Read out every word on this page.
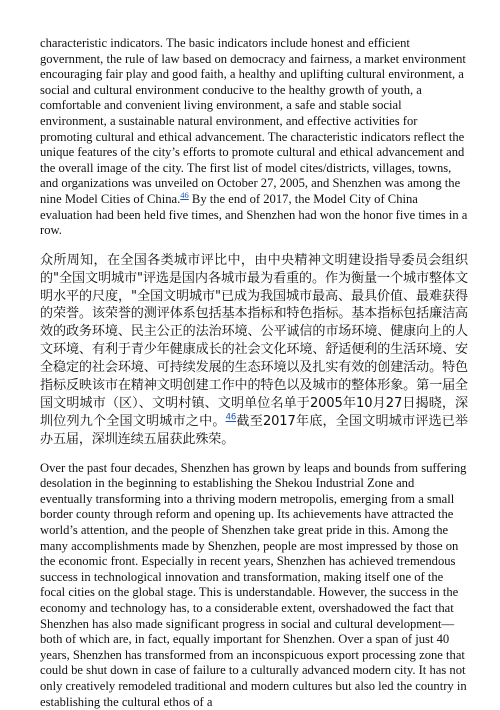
characteristic indicators. The basic indicators include honest and efficient government, the rule of law based on democracy and fairness, a market environment encouraging fair play and good faith, a healthy and uplifting cultural environment, a social and cultural environment conducive to the healthy growth of youth, a comfortable and convenient living environment, a safe and stable social environment, a sustainable natural environment, and effective activities for promoting cultural and ethical advancement. The characteristic indicators reflect the unique features of the city’s efforts to promote cultural and ethical advancement and the overall image of the city. The first list of model cites/districts, villages, towns, and organizations was unveiled on October 27, 2005, and Shenzhen was among the nine Model Cities of China.$^{46}$ By the end of 2017, the Model City of China evaluation had been held five times, and Shenzhen had won the honor five times in a row.

众所周知，在全国各类城市评比中，由中央精神文明建设指导委员会组织的"全国文明城市"评选是国内各城市最为看重的。作为衡量一个城市整体文明水平的尺度，"全国文明城市"已成为我国城市最高、最具价值、最难获得的荣誉。该荣誉的测评体系包括基本指标和特色指标。基本指标包括廉洁高效的政务环境、民主公正的法治环境、公平诚信的市场环境、健康向上的人文环境、有利于青少年健康成长的社会文化环境、舒适便利的生活环境、安全稳定的社会环境、可持续发展的生态环境以及扎实有效的创建活动。特色指标反映该市在精神文明创建工作中的特色以及城市的整体形象。第一届全国文明城市（区）、文明村镇、文明单位名单于2005年10月27日揭晓，深圳位列九个全国文明城市之中。$^{46}$截至2017年底，全国文明城市评选已举办五届，深圳连续五届获此殊荣。

Over the past four decades, Shenzhen has grown by leaps and bounds from suffering desolation in the beginning to establishing the Shekou Industrial Zone and eventually transforming into a thriving modern metropolis, emerging from a small border county through reform and opening up. Its achievements have attracted the world’s attention, and the people of Shenzhen take great pride in this. Among the many accomplishments made by Shenzhen, people are most impressed by those on the economic front. Especially in recent years, Shenzhen has achieved tremendous success in technological innovation and transformation, making itself one of the focal cities on the global stage. This is understandable. However, the success in the economy and technology has, to a considerable extent, overshadowed the fact that Shenzhen has also made significant progress in social and cultural development—both of which are, in fact, equally important for Shenzhen. Over a span of just 40 years, Shenzhen has transformed from an inconspicuous export processing zone that could be shut down in case of failure to a culturally advanced modern city. It has not only creatively remodeled traditional and modern cultures but also led the country in establishing the cultural ethos of a
